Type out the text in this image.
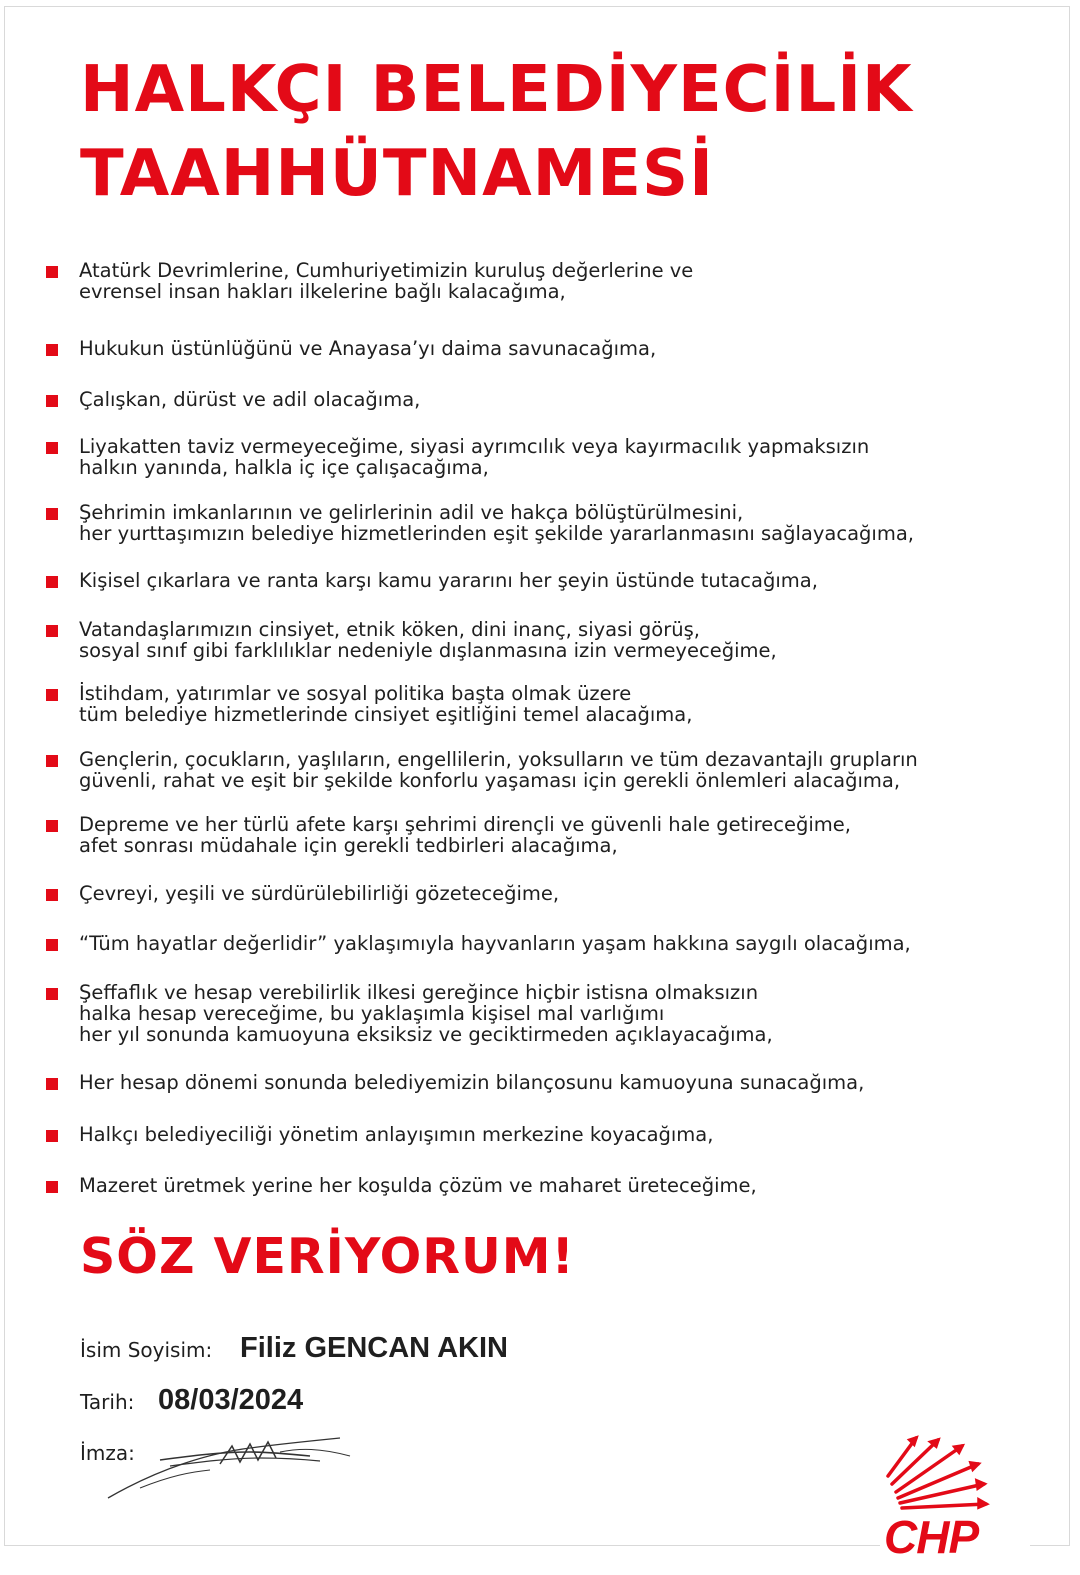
HALKÇI BELEDİYECİLİK TAAHHÜTNAMESİ
Atatürk Devrimlerine, Cumhuriyetimizin kuruluş değerlerine ve
evrensel insan hakları ilkelerine bağlı kalacağıma,
Hukukun üstünlüğünü ve Anayasa’yı daima savunacağıma,
Çalışkan, dürüst ve adil olacağıma,
Liyakatten taviz vermeyeceğime, siyasi ayrımcılık veya kayırmacılık yapmaksızın
halkın yanında, halkla iç içe çalışacağıma,
Şehrimin imkanlarının ve gelirlerinin adil ve hakça bölüştürülmesini,
her yurttaşımızın belediye hizmetlerinden eşit şekilde yararlanmasını sağlayacağıma,
Kişisel çıkarlara ve ranta karşı kamu yararını her şeyin üstünde tutacağıma,
Vatandaşlarımızın cinsiyet, etnik köken, dini inanç, siyasi görüş,
sosyal sınıf gibi farklılıklar nedeniyle dışlanmasına izin vermeyeceğime,
İstihdam, yatırımlar ve sosyal politika başta olmak üzere
tüm belediye hizmetlerinde cinsiyet eşitliğini temel alacağıma,
Gençlerin, çocukların, yaşlıların, engellilerin, yoksulların ve tüm dezavantajlı grupların
güvenli, rahat ve eşit bir şekilde konforlu yaşaması için gerekli önlemleri alacağıma,
Depreme ve her türlü afete karşı şehrimi dirençli ve güvenli hale getireceğime,
afet sonrası müdahale için gerekli tedbirleri alacağıma,
Çevreyi, yeşili ve sürdürülebilirliği gözeteceğime,
“Tüm hayatlar değerlidir” yaklaşımıyla hayvanların yaşam hakkına saygılı olacağıma,
Şeffaflık ve hesap verebilirlik ilkesi gereğince hiçbir istisna olmaksızın
halka hesap vereceğime, bu yaklaşımla kişisel mal varlığımı
her yıl sonunda kamuoyuna eksiksiz ve geciktirmeden açıklayacağıma,
Her hesap dönemi sonunda belediyemizin bilançosunu kamuoyuna sunacağıma,
Halkçı belediyeciliği yönetim anlayışımın merkezine koyacağıma,
Mazeret üretmek yerine her koşulda çözüm ve maharet üreteceğime,
SÖZ VERİYORUM!
İsim Soyisim: Filiz GENCAN AKIN
Tarih: 08/03/2024
İmza:
CHP
